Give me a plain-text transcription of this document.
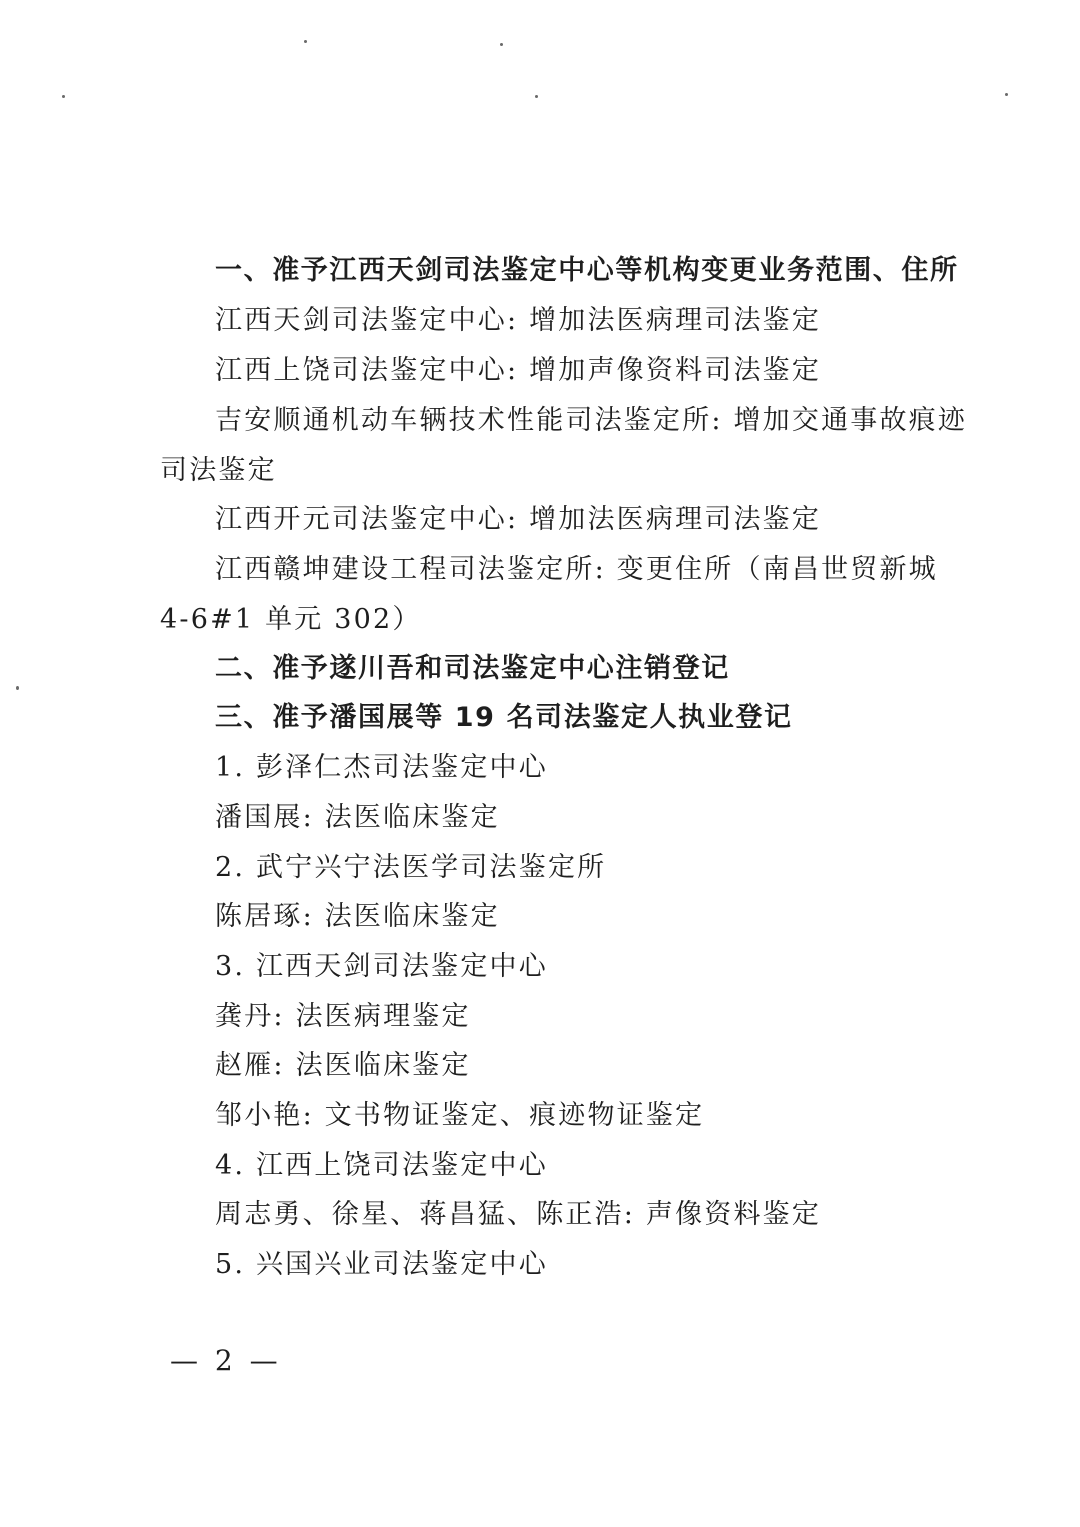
一、准予江西天剑司法鉴定中心等机构变更业务范围、住所
江西天剑司法鉴定中心: 增加法医病理司法鉴定
江西上饶司法鉴定中心: 增加声像资料司法鉴定
吉安顺通机动车辆技术性能司法鉴定所: 增加交通事故痕迹
司法鉴定
江西开元司法鉴定中心: 增加法医病理司法鉴定
江西赣坤建设工程司法鉴定所: 变更住所（南昌世贸新城
4-6#1 单元 302）
二、准予遂川吾和司法鉴定中心注销登记
三、准予潘国展等 19 名司法鉴定人执业登记
1. 彭泽仁杰司法鉴定中心
潘国展: 法医临床鉴定
2. 武宁兴宁法医学司法鉴定所
陈居琢: 法医临床鉴定
3. 江西天剑司法鉴定中心
龚丹: 法医病理鉴定
赵雁: 法医临床鉴定
邹小艳: 文书物证鉴定、痕迹物证鉴定
4. 江西上饶司法鉴定中心
周志勇、徐星、蒋昌猛、陈正浩: 声像资料鉴定
5. 兴国兴业司法鉴定中心
— 2 —
